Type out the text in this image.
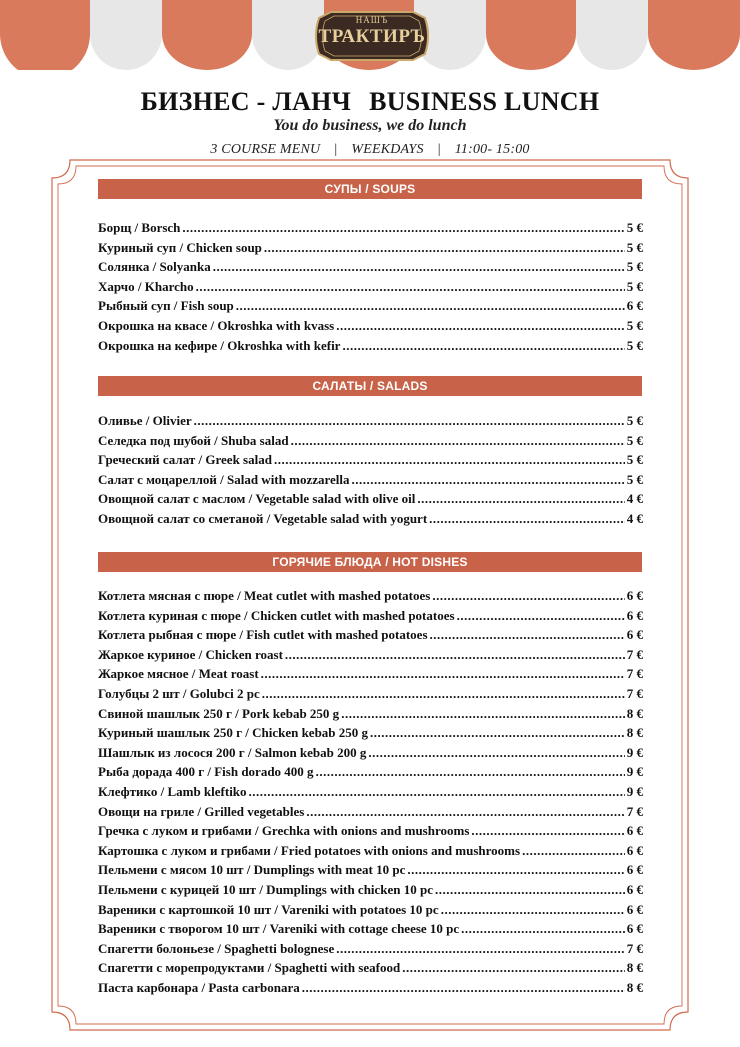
НАШЪ
ТРАКТИРЪ
БИЗНЕС - ЛАНЧ BUSINESS LUNCH
You do business, we do lunch
3 COURSE MENU | WEEKDAYS | 11:00- 15:00
СУПЫ / SOUPS
Борщ / Borsch .....	5 €
Куриный суп / Chicken soup .....	5 €
Солянка / Solyanka .....	5 €
Харчо / Kharcho .....	5 €
Рыбный суп / Fish soup .....	6 €
Окрошка на квасе / Okroshka with kvass .....	5 €
Окрошка на кефире / Okroshka with kefir .....	5 €
САЛАТЫ / SALADS
Оливье / Olivier .....	5 €
Селедка под шубой / Shuba salad .....	5 €
Греческий салат / Greek salad .....	5 €
Салат с моцареллой / Salad with mozzarella .....	5 €
Овощной салат с маслом / Vegetable salad with olive oil .....	4 €
Овощной салат со сметаной / Vegetable salad with yogurt .....	4 €
ГОРЯЧИЕ БЛЮДА / HOT DISHES
Котлета мясная с пюре / Meat cutlet with mashed potatoes .....	6 €
Котлета куриная с пюре / Chicken cutlet with mashed potatoes .....	6 €
Котлета рыбная с пюре / Fish cutlet with mashed potatoes .....	6 €
Жаркое куриное / Chicken roast .....	7 €
Жаркое мясное / Meat roast .....	7 €
Голубцы 2 шт / Golubci 2 pc .....	7 €
Свиной шашлык 250 г / Pork kebab 250 g .....	8 €
Куриный шашлык 250 г / Chicken kebab 250 g .....	8 €
Шашлык из лосося 200 г / Salmon kebab 200 g .....	9 €
Рыба дорада 400 г / Fish dorado 400 g .....	9 €
Клефтико / Lamb kleftiko .....	9 €
Овощи на гриле / Grilled vegetables .....	7 €
Гречка с луком и грибами / Grechka with onions and mushrooms .....	6 €
Картошка с луком и грибами / Fried potatoes with onions and mushrooms .....	6 €
Пельмени с мясом 10 шт / Dumplings with meat 10 pc .....	6 €
Пельмени с курицей 10 шт / Dumplings with chicken 10 pc .....	6 €
Вареники с картошкой 10 шт / Vareniki with potatoes 10 pc .....	6 €
Вареники с творогом 10 шт / Vareniki with cottage cheese 10 pc .....	6 €
Спагетти болоньезе / Spaghetti bolognese .....	7 €
Спагетти с морепродуктами / Spaghetti with seafood .....	8 €
Паста карбонара / Pasta carbonara .....	8 €
